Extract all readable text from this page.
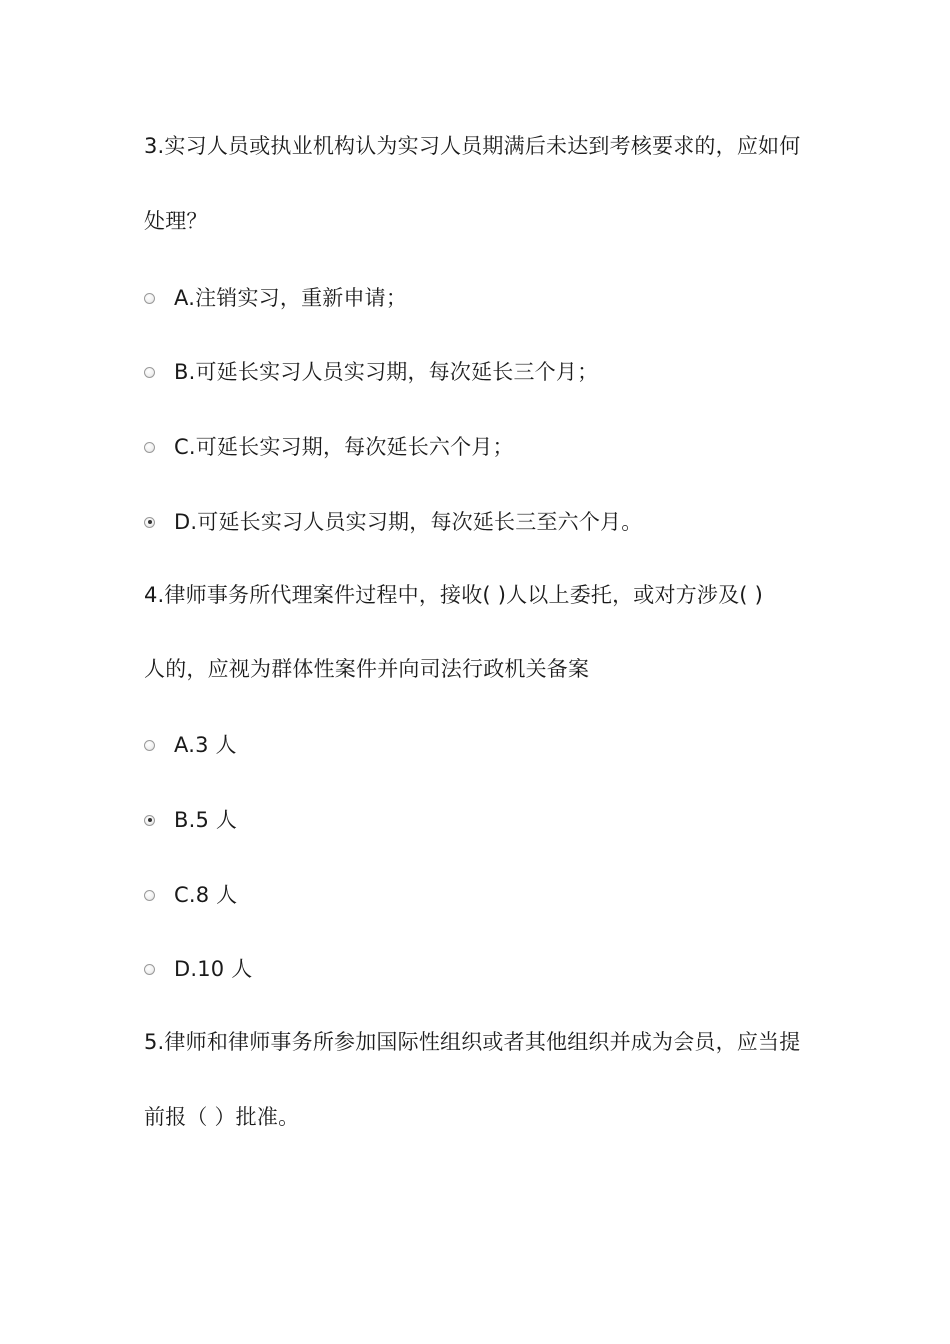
3.实习人员或执业机构认为实习人员期满后未达到考核要求的，应如何
处理？
A.注销实习，重新申请；
B.可延长实习人员实习期，每次延长三个月；
C.可延长实习期，每次延长六个月；
D.可延长实习人员实习期，每次延长三至六个月。
4.律师事务所代理案件过程中，接收( )人以上委托，或对方涉及( )
人的，应视为群体性案件并向司法行政机关备案
A.3 人
B.5 人
C.8 人
D.10 人
5.律师和律师事务所参加国际性组织或者其他组织并成为会员，应当提
前报（ ）批准。
